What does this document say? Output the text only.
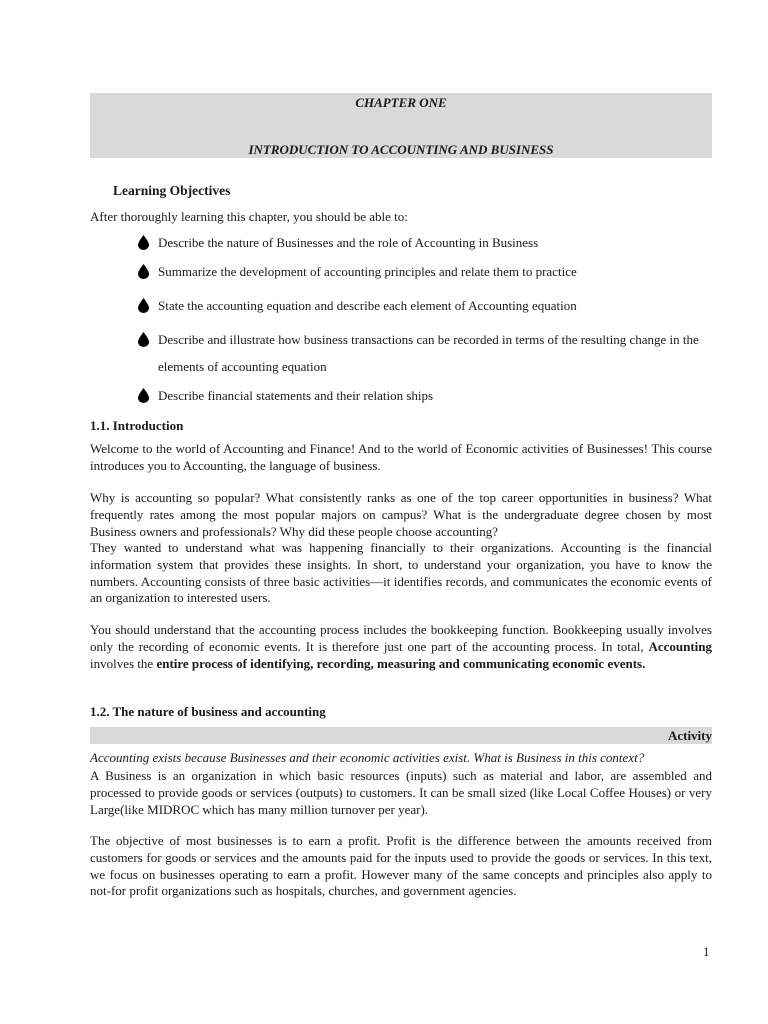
CHAPTER ONE
INTRODUCTION TO ACCOUNTING AND BUSINESS
Learning Objectives
After thoroughly learning this chapter, you should be able to:
Describe the nature of Businesses and the role of Accounting in Business
Summarize the development of accounting principles and relate them to practice
State the accounting equation and describe each element of Accounting equation
Describe and illustrate how business transactions can be recorded in terms of the resulting change in the elements of accounting equation
Describe financial statements and their relation ships
1.1. Introduction

Welcome to the world of Accounting and Finance! And to the world of Economic activities of Businesses! This course introduces you to Accounting, the language of business.

Why is accounting so popular? What consistently ranks as one of the top career opportunities in business? What frequently rates among the most popular majors on campus? What is the undergraduate degree chosen by most Business owners and professionals? Why did these people choose accounting?

They wanted to understand what was happening financially to their organizations. Accounting is the financial information system that provides these insights. In short, to understand your organization, you have to know the numbers. Accounting consists of three basic activities—it identifies records, and communicates the economic events of an organization to interested users.

You should understand that the accounting process includes the bookkeeping function. Bookkeeping usually involves only the recording of economic events. It is therefore just one part of the accounting process. In total, Accounting involves the entire process of identifying, recording, measuring and communicating economic events.

1.2. The nature of business and accounting
Activity
Accounting exists because Businesses and their economic activities exist. What is Business in this context?

A Business is an organization in which basic resources (inputs) such as material and labor, are assembled and processed to provide goods or services (outputs) to customers. It can be small sized (like Local Coffee Houses) or very Large(like MIDROC which has many million turnover per year).

The objective of most businesses is to earn a profit. Profit is the difference between the amounts received from customers for goods or services and the amounts paid for the inputs used to provide the goods or services. In this text, we focus on businesses operating to earn a profit. However many of the same concepts and principles also apply to not-for profit organizations such as hospitals, churches, and government agencies.

1
